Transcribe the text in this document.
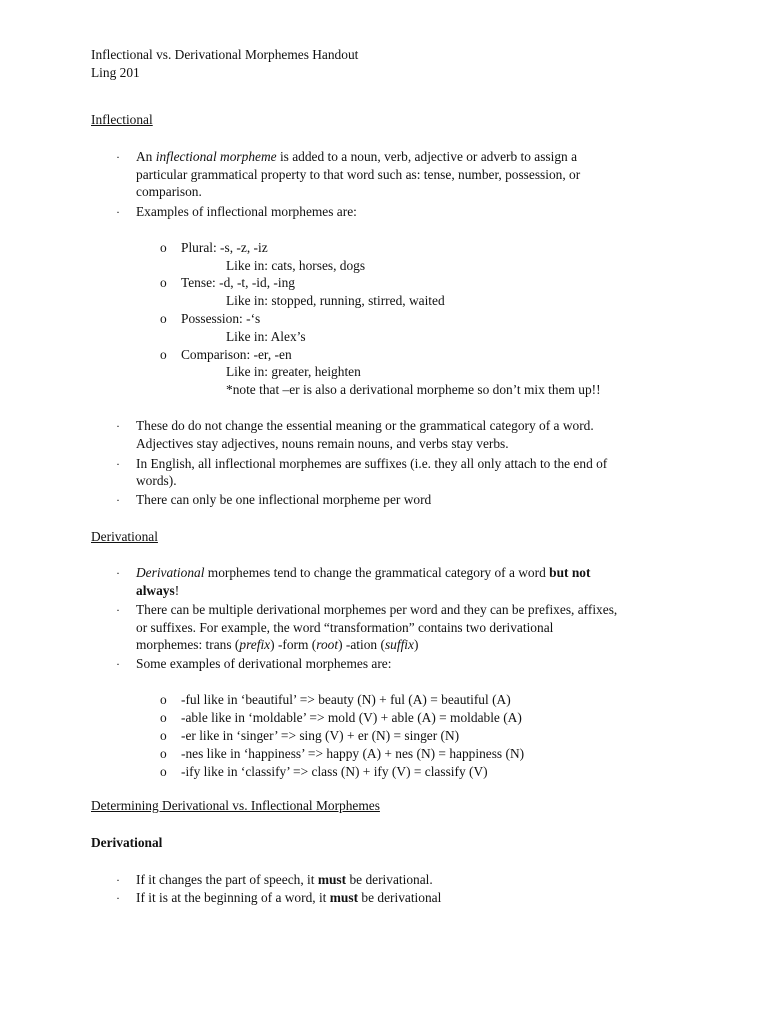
Inflectional vs. Derivational Morphemes Handout
Ling 201
Inflectional
· An inflectional morpheme is added to a noun, verb, adjective or adverb to assign a
particular grammatical property to that word such as: tense, number, possession, or
comparison.
· Examples of inflectional morphemes are:
o Plural: -s, -z, -iz
Like in: cats, horses, dogs
o Tense: -d, -t, -id, -ing
Like in: stopped, running, stirred, waited
o Possession: -‘s
Like in: Alex’s
o Comparison: -er, -en
Like in: greater, heighten
*note that –er is also a derivational morpheme so don’t mix them up!!
· These do do not change the essential meaning or the grammatical category of a word.
Adjectives stay adjectives, nouns remain nouns, and verbs stay verbs.
· In English, all inflectional morphemes are suffixes (i.e. they all only attach to the end of
words).
· There can only be one inflectional morpheme per word
Derivational
· Derivational morphemes tend to change the grammatical category of a word but not
always!
· There can be multiple derivational morphemes per word and they can be prefixes, affixes,
or suffixes. For example, the word “transformation” contains two derivational
morphemes: trans (prefix) -form (root) -ation (suffix)
· Some examples of derivational morphemes are:
o -ful like in ‘beautiful’ => beauty (N) + ful (A) = beautiful (A)
o -able like in ‘moldable’ => mold (V) + able (A) = moldable (A)
o -er like in ‘singer’ => sing (V) + er (N) = singer (N)
o -nes like in ‘happiness’ => happy (A) + nes (N) = happiness (N)
o -ify like in ‘classify’ => class (N) + ify (V) = classify (V)
Determining Derivational vs. Inflectional Morphemes
Derivational
· If it changes the part of speech, it must be derivational.
· If it is at the beginning of a word, it must be derivational
